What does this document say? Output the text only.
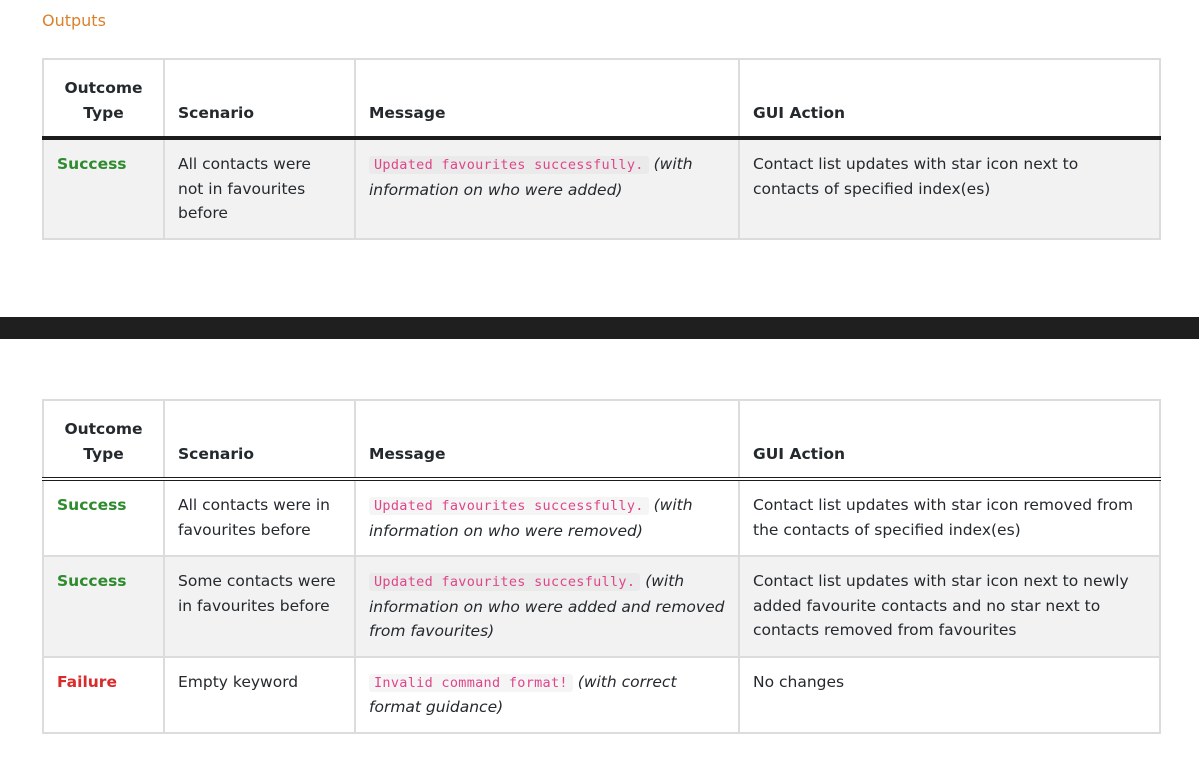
Outputs
Outcome Type	Scenario	Message	GUI Action
Success	All contacts were not in favourites before	Updated favourites successfully. (with information on who were added)	Contact list updates with star icon next to contacts of specified index(es)
Outcome Type	Scenario	Message	GUI Action
Success	All contacts were in favourites before	Updated favourites successfully. (with information on who were removed)	Contact list updates with star icon removed from the contacts of specified index(es)
Success	Some contacts were in favourites before	Updated favourites succesfully. (with information on who were added and removed from favourites)	Contact list updates with star icon next to newly added favourite contacts and no star next to contacts removed from favourites
Failure	Empty keyword	Invalid command format! (with correct format guidance)	No changes
